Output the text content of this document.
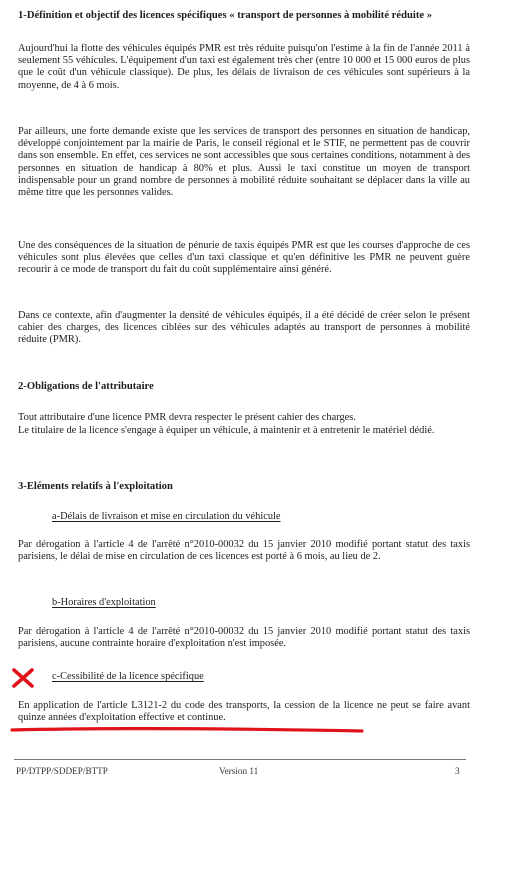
1-Définition et objectif des licences spécifiques « transport de personnes à mobilité réduite »
Aujourd'hui la flotte des véhicules équipés PMR est très réduite puisqu'on l'estime à la fin de l'année 2011 à seulement 55 véhicules. L'équipement d'un taxi est également très cher (entre 10 000 et 15 000 euros de plus que le coût d'un véhicule classique). De plus, les délais de livraison de ces véhicules sont supérieurs à la moyenne, de 4 à 6 mois.
Par ailleurs, une forte demande existe que les services de transport des personnes en situation de handicap, développé conjointement par la mairie de Paris, le conseil régional et le STIF, ne permettent pas de couvrir dans son ensemble. En effet, ces services ne sont accessibles que sous certaines conditions, notamment à des personnes en situation de handicap à 80% et plus. Aussi le taxi constitue un moyen de transport indispensable pour un grand nombre de personnes à mobilité réduite souhaitant se déplacer dans la ville au même titre que les personnes valides.
Une des conséquences de la situation de pénurie de taxis équipés PMR est que les courses d'approche de ces véhicules sont plus élevées que celles d'un taxi classique et qu'en définitive les PMR ne peuvent guère recourir à ce mode de transport du fait du coût supplémentaire ainsi généré.
Dans ce contexte, afin d'augmenter la densité de véhicules équipés, il a été décidé de créer selon le présent cahier des charges, des licences ciblées sur des véhicules adaptés au transport de personnes à mobilité réduite (PMR).
2-Obligations de l'attributaire
Tout attributaire d'une licence PMR devra respecter le présent cahier des charges.
Le titulaire de la licence s'engage à équiper un véhicule, à maintenir et à entretenir le matériel dédié.
3-Eléments relatifs à l'exploitation
a-Délais de livraison et mise en circulation du véhicule
Par dérogation à l'article 4 de l'arrêté n°2010-00032 du 15 janvier 2010 modifié portant statut des taxis parisiens, le délai de mise en circulation de ces licences est porté à 6 mois, au lieu de 2.
b-Horaires d'exploitation
Par dérogation à l'article 4 de l'arrêté n°2010-00032 du 15 janvier 2010 modifié portant statut des taxis parisiens, aucune contrainte horaire d'exploitation n'est imposée.
c-Cessibilité de la licence spécifique
En application de l'article L3121-2 du code des transports, la cession de la licence ne peut se faire avant quinze années d'exploitation effective et continue.
PP/DTPP/SDDEP/BTTP	Version 11	3
